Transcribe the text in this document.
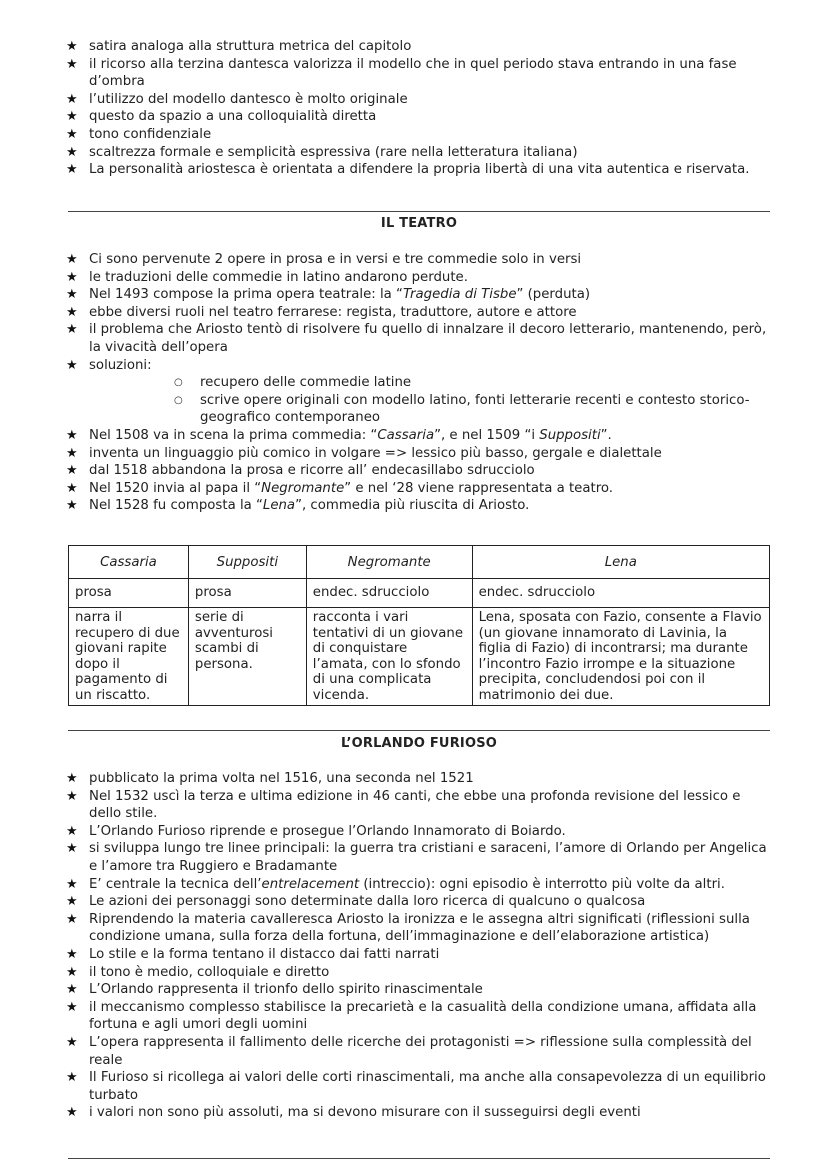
★ satira analoga alla struttura metrica del capitolo
★ il ricorso alla terzina dantesca valorizza il modello che in quel periodo stava entrando in una fase d’ombra
★ l’utilizzo del modello dantesco è molto originale
★ questo da spazio a una colloquialità diretta
★ tono confidenziale
★ scaltrezza formale e semplicità espressiva (rare nella letteratura italiana)
★ La personalità ariostesca è orientata a difendere la propria libertà di una vita autentica e riservata.
IL TEATRO
★ Ci sono pervenute 2 opere in prosa e in versi e tre commedie solo in versi
★ le traduzioni delle commedie in latino andarono perdute.
★ Nel 1493 compose la prima opera teatrale: la “Tragedia di Tisbe” (perduta)
★ ebbe diversi ruoli nel teatro ferrarese: regista, traduttore, autore e attore
★ il problema che Ariosto tentò di risolvere fu quello di innalzare il decoro letterario, mantenendo, però, la vivacità dell’opera
★ soluzioni:
○ recupero delle commedie latine
○ scrive opere originali con modello latino, fonti letterarie recenti e contesto storico-geografico contemporaneo
★ Nel 1508 va in scena la prima commedia: “Cassaria”, e nel 1509 “i Suppositi”.
★ inventa un linguaggio più comico in volgare => lessico più basso, gergale e dialettale
★ dal 1518 abbandona la prosa e ricorre all’ endecasillabo sdrucciolo
★ Nel 1520 invia al papa il “Negromante” e nel ‘28 viene rappresentata a teatro.
★ Nel 1528 fu composta la “Lena”, commedia più riuscita di Ariosto.
Cassaria	Suppositi	Negromante	Lena
prosa	prosa	endec. sdrucciolo	endec. sdrucciolo
narra il recupero di due giovani rapite dopo il pagamento di un riscatto.	serie di avventurosi scambi di persona.	racconta i vari tentativi di un giovane di conquistare l’amata, con lo sfondo di una complicata vicenda.	Lena, sposata con Fazio, consente a Flavio (un giovane innamorato di Lavinia, la figlia di Fazio) di incontrarsi; ma durante l’incontro Fazio irrompe e la situazione precipita, concludendosi poi con il matrimonio dei due.
L’ORLANDO FURIOSO
★ pubblicato la prima volta nel 1516, una seconda nel 1521
★ Nel 1532 uscì la terza e ultima edizione in 46 canti, che ebbe una profonda revisione del lessico e dello stile.
★ L’Orlando Furioso riprende e prosegue l’Orlando Innamorato di Boiardo.
★ si sviluppa lungo tre linee principali: la guerra tra cristiani e saraceni, l’amore di Orlando per Angelica e l’amore tra Ruggiero e Bradamante
★ E’ centrale la tecnica dell’entrelacement (intreccio): ogni episodio è interrotto più volte da altri.
★ Le azioni dei personaggi sono determinate dalla loro ricerca di qualcuno o qualcosa
★ Riprendendo la materia cavalleresca Ariosto la ironizza e le assegna altri significati (riflessioni sulla condizione umana, sulla forza della fortuna, dell’immaginazione e dell’elaborazione artistica)
★ Lo stile e la forma tentano il distacco dai fatti narrati
★ il tono è medio, colloquiale e diretto
★ L’Orlando rappresenta il trionfo dello spirito rinascimentale
★ il meccanismo complesso stabilisce la precarietà e la casualità della condizione umana, affidata alla fortuna e agli umori degli uomini
★ L’opera rappresenta il fallimento delle ricerche dei protagonisti => riflessione sulla complessità del reale
★ Il Furioso si ricollega ai valori delle corti rinascimentali, ma anche alla consapevolezza di un equilibrio turbato
★ i valori non sono più assoluti, ma si devono misurare con il susseguirsi degli eventi
